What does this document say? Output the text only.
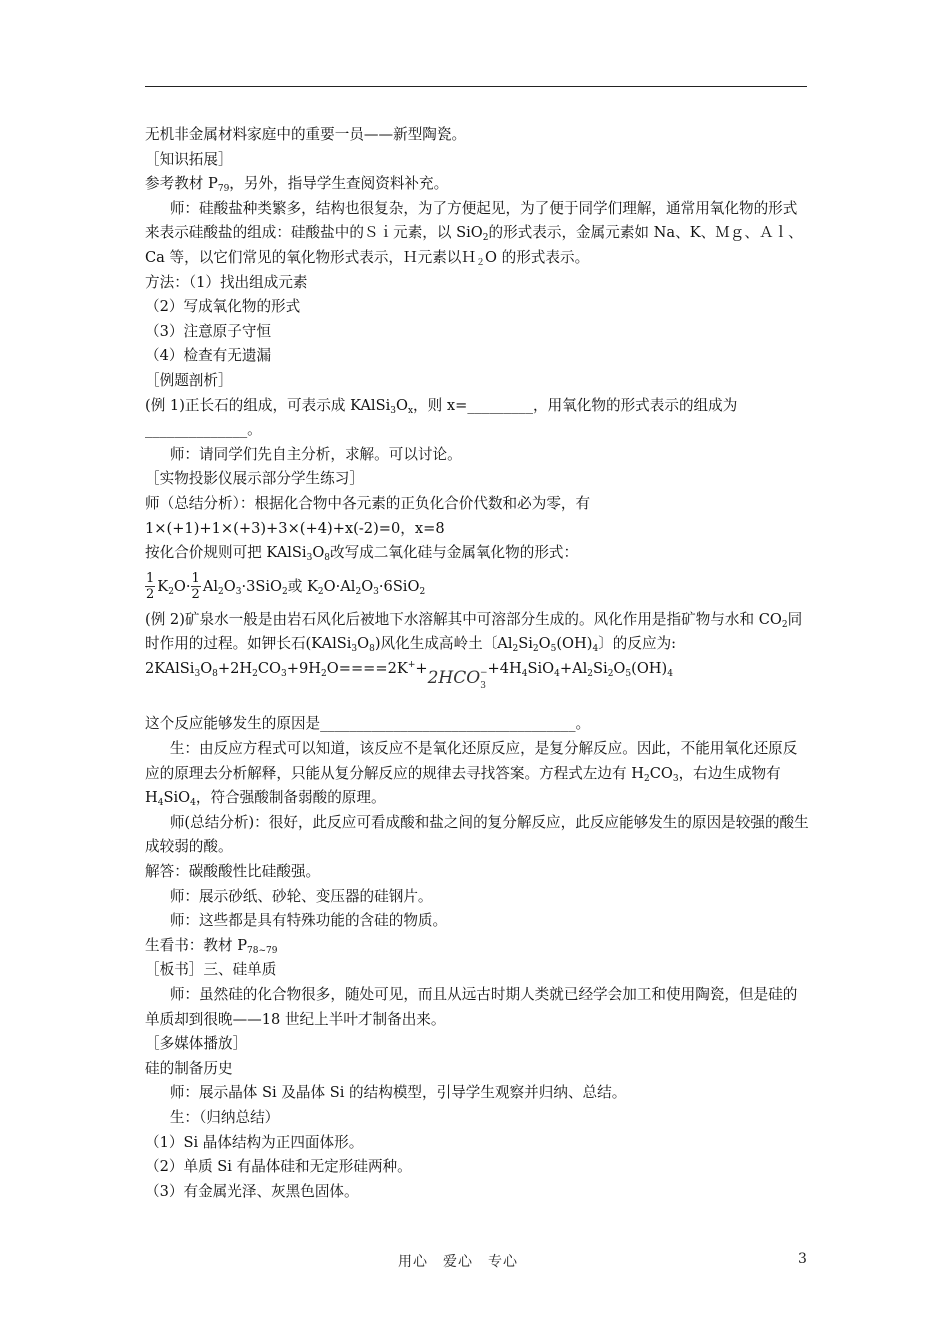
无机非金属材料家庭中的重要一员——新型陶瓷。

［知识拓展］

参考教材 $P_{79}$，另外，指导学生查阅资料补充。

师：硅酸盐种类繁多，结构也很复杂，为了方便起见，为了便于同学们理解，通常用氧化物的形式来表示硅酸盐的组成：硅酸盐中的Ｓｉ元素，以 SiO$_2$的形式表示，金属元素如 Na、K、Ｍｇ、Ａｌ、Ca 等，以它们常见的氧化物形式表示，Ｈ元素以Ｈ$_2$O 的形式表示。

方法：（1）找出组成元素

（2）写成氧化物的形式

（3）注意原子守恒

（4）检查有无遗漏

［例题剖析］

(例 1)正长石的组成，可表示成 $KAlSi_3O_x$，则 x=_________，用氧化物的形式表示的组成为______________。

师：请同学们先自主分析，求解。可以讨论。

［实物投影仪展示部分学生练习］

师（总结分析）：根据化合物中各元素的正负化合价代数和必为零，有

1×(+1)+1×(+3)+3×(+4)+x(-2)=0，x=8

按化合价规则可把 $KAlSi_3O_8$改写成二氧化硅与金属氧化物的形式：

$\frac{1}{2} K_2O\cdot \frac{1}{2} Al_2O_3\cdot 3SiO_2$或 $K_2O\cdot Al_2O_3\cdot 6SiO_2$

(例 2)矿泉水一般是由岩石风化后被地下水溶解其中可溶部分生成的。风化作用是指矿物与水和 $CO_2$同时作用的过程。如钾长石$(KAlSi_3O_8)$风化生成高岭土〔$Al_2Si_2O_5(OH)_4$〕的反应为:

$2KAlSi_3O_8+2H_2CO_3+9H_2O====2K^++2HCO_3^-+4H_4SiO_4+Al_2Si_2O_5(OH)_4$

这个反应能够发生的原因是___________________________________。

生：由反应方程式可以知道，该反应不是氧化还原反应，是复分解反应。因此，不能用氧化还原反应的原理去分析解释，只能从复分解反应的规律去寻找答案。方程式左边有 $H_2CO_3$，右边生成物有 $H_4SiO_4$，符合强酸制备弱酸的原理。

师(总结分析)：很好，此反应可看成酸和盐之间的复分解反应，此反应能够发生的原因是较强的酸生成较弱的酸。

解答：碳酸酸性比硅酸强。

师：展示砂纸、砂轮、变压器的硅钢片。

师：这些都是具有特殊功能的含硅的物质。

生看书：教材 $P_{78\sim 79}$

［板书］三、硅单质

师：虽然硅的化合物很多，随处可见，而且从远古时期人类就已经学会加工和使用陶瓷，但是硅的单质却到很晚——18 世纪上半叶才制备出来。

［多媒体播放］

硅的制备历史

师：展示晶体 Si 及晶体 Si 的结构模型，引导学生观察并归纳、总结。

生：（归纳总结）

（1）Si 晶体结构为正四面体形。

（2）单质 Si 有晶体硅和无定形硅两种。

（3）有金属光泽、灰黑色固体。

用心　爱心　专心	3
